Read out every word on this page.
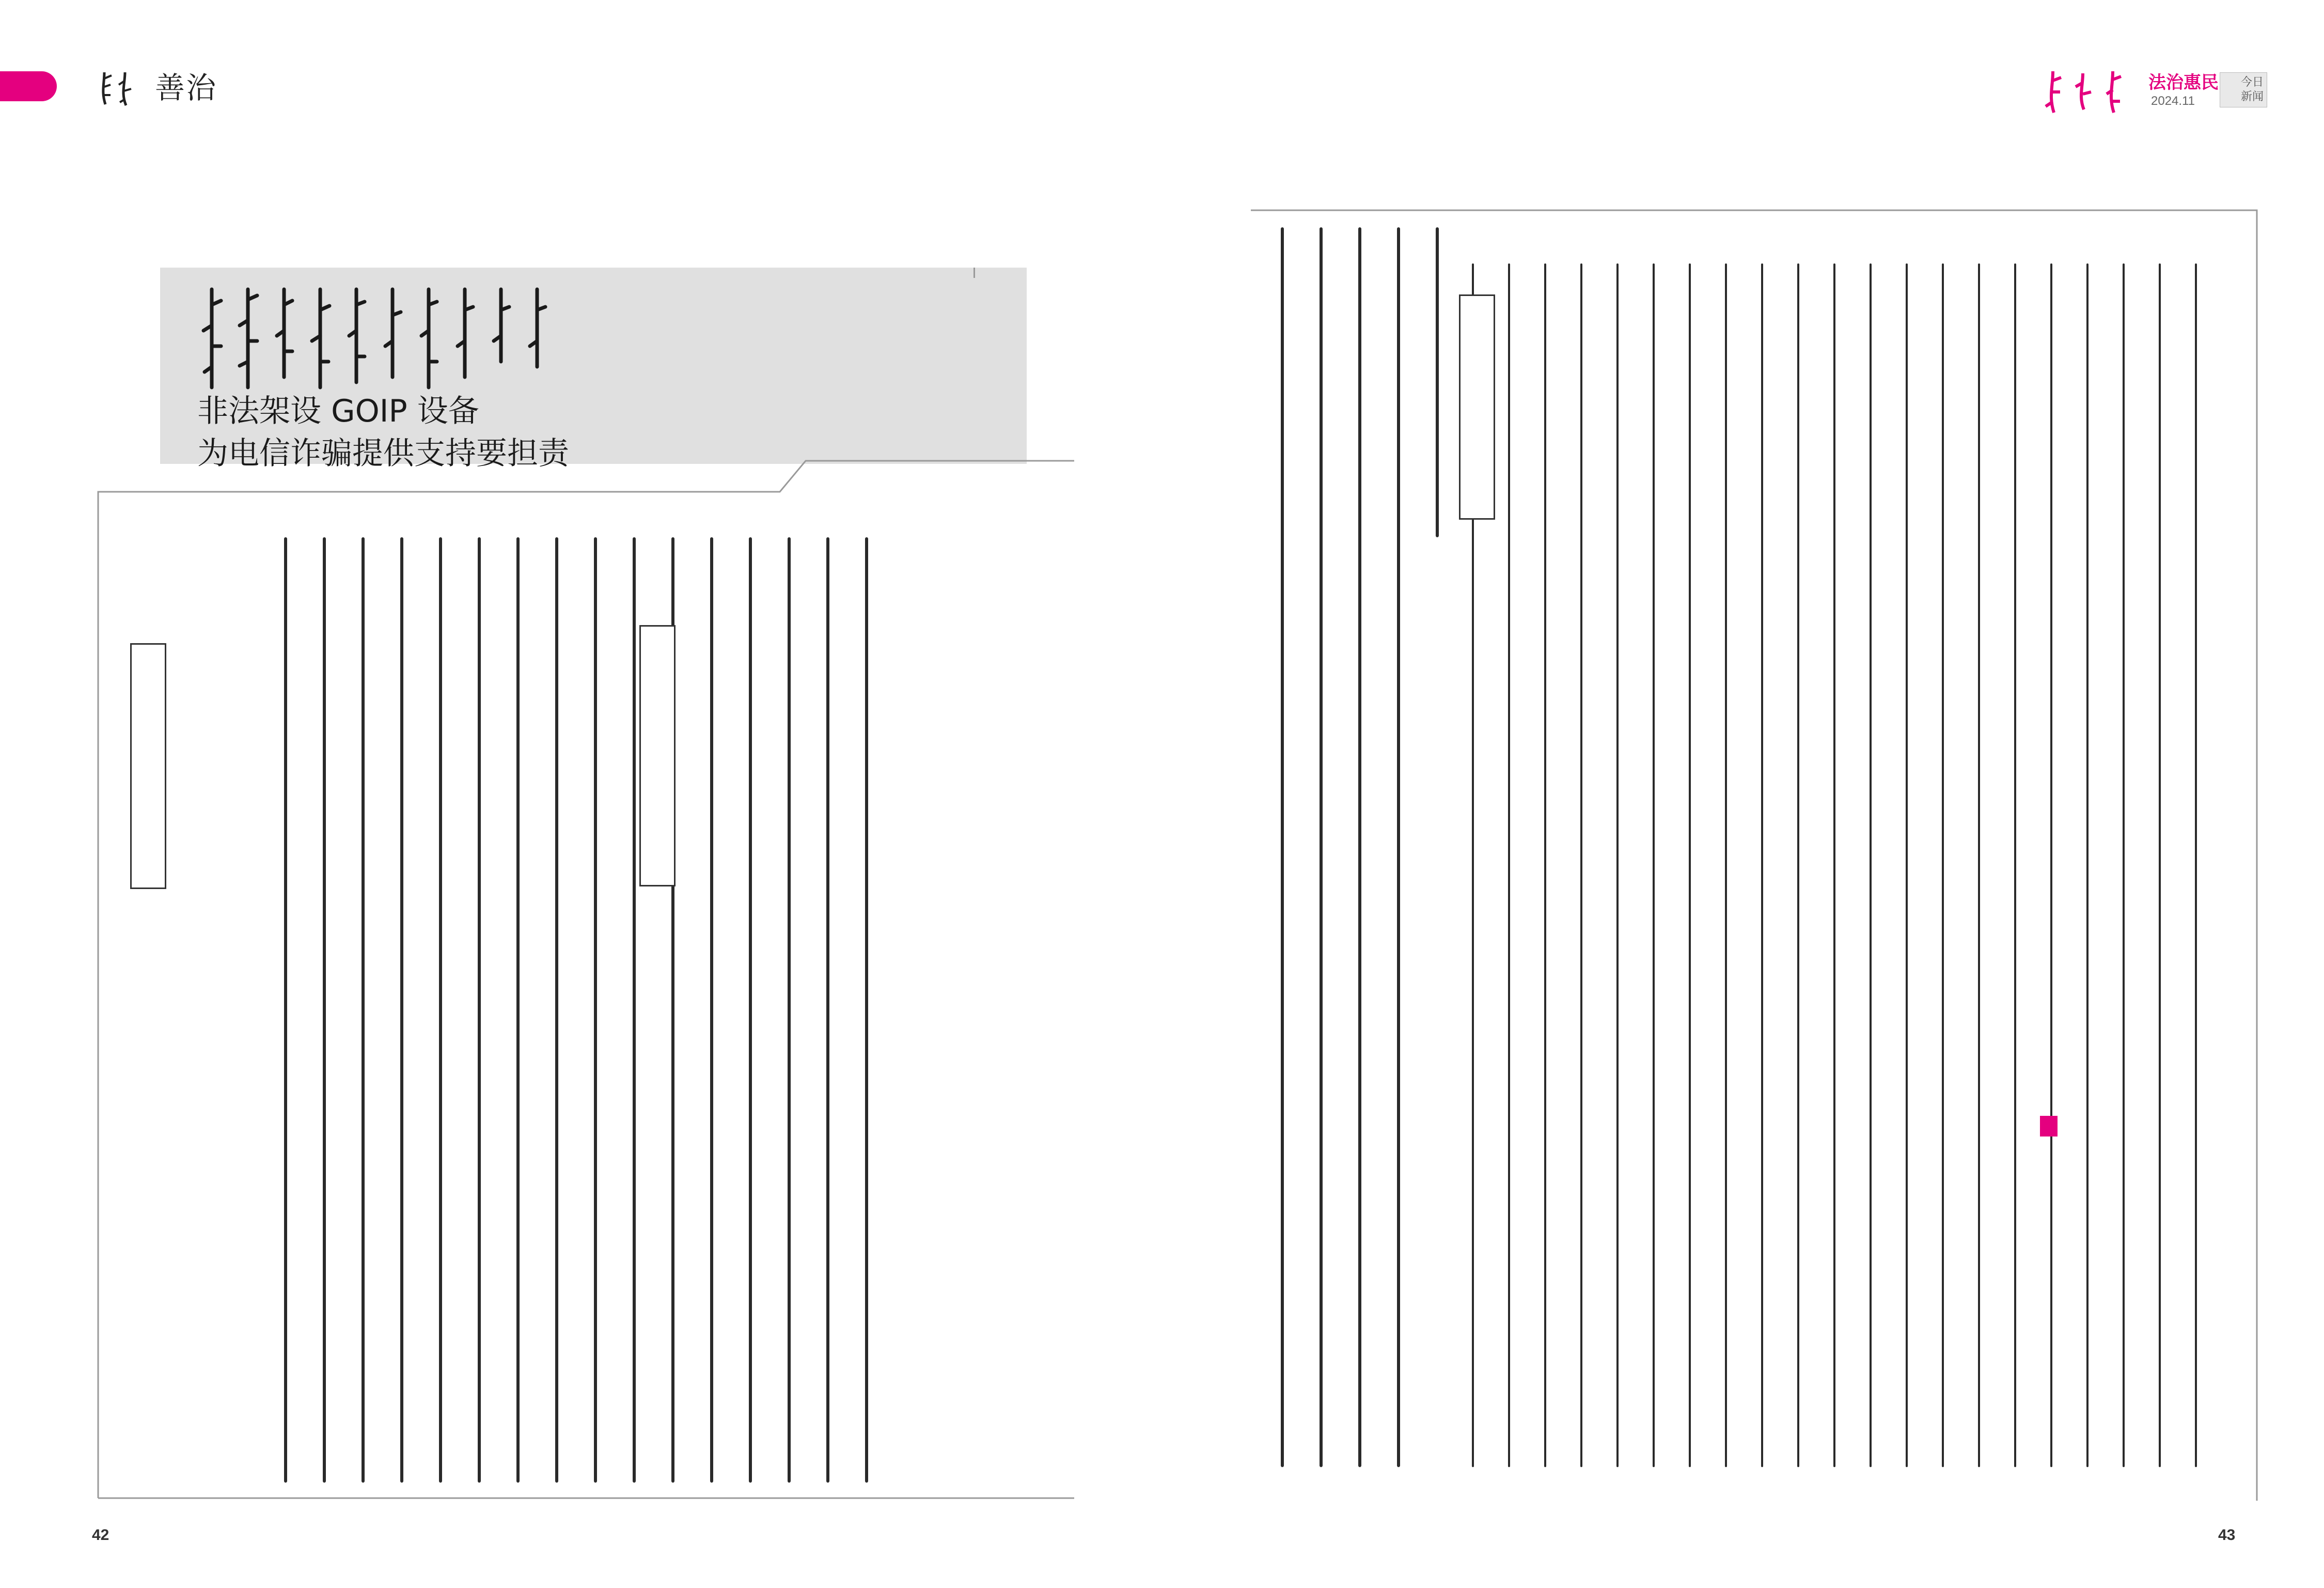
善治	法治惠民
2024.11
今日
新闻
非法架设 GOIP 设备
为电信诈骗提供支持要担责
2 7 53 64 65 52 27 266 25 1 14 3.7 11 3 15 3.7 2	287 10 3 10 266
42	43
